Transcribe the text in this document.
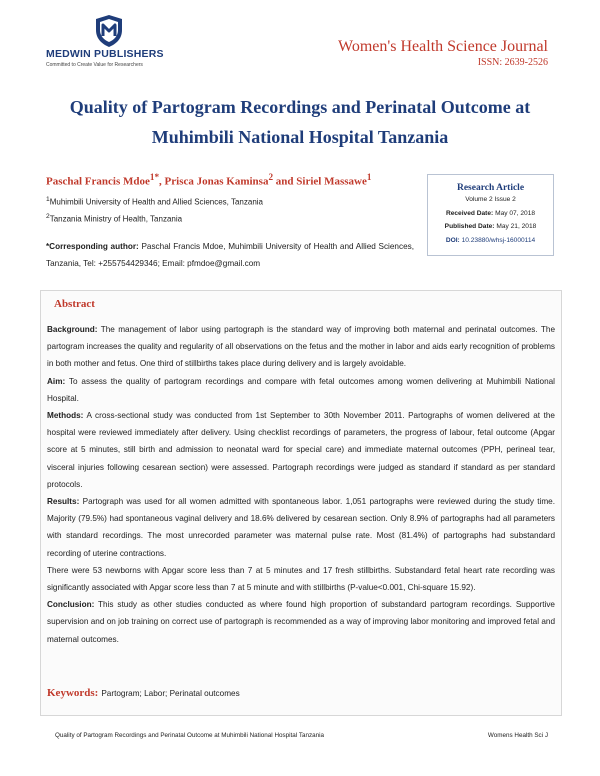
MEDWIN PUBLISHERS
Committed to Create Value for Researchers
Women's Health Science Journal
ISSN: 2639-2526
Quality of Partogram Recordings and Perinatal Outcome at Muhimbili National Hospital Tanzania
Paschal Francis Mdoe$^{1*}$, Prisca Jonas Kaminsa$^2$ and Siriel Massawe$^1$
$^1$Muhimbili University of Health and Allied Sciences, Tanzania
$^2$Tanzania Ministry of Health, Tanzania
*Corresponding author: Paschal Francis Mdoe, Muhimbili University of Health and Allied Sciences, Tanzania, Tel: +255754429346; Email: pfmdoe@gmail.com
Research Article
Volume 2 Issue 2
Received Date: May 07, 2018
Published Date: May 21, 2018
DOI: 10.23880/whsj-16000114
Abstract

Background: The management of labor using partograph is the standard way of improving both maternal and perinatal outcomes. The partogram increases the quality and regularity of all observations on the fetus and the mother in labor and aids early recognition of problems in both mother and fetus. One third of stillbirths takes place during delivery and is largely avoidable.

Aim: To assess the quality of partogram recordings and compare with fetal outcomes among women delivering at Muhimbili National Hospital.

Methods: A cross-sectional study was conducted from 1st September to 30th November 2011. Partographs of women delivered at the hospital were reviewed immediately after delivery. Using checklist recordings of parameters, the progress of labour, fetal outcome (Apgar score at 5 minutes, still birth and admission to neonatal ward for special care) and immediate maternal outcomes (PPH, perineal tear, visceral injuries following cesarean section) were assessed. Partograph recordings were judged as standard if standard as per standard protocols.

Results: Partograph was used for all women admitted with spontaneous labor. 1,051 partographs were reviewed during the study time. Majority (79.5%) had spontaneous vaginal delivery and 18.6% delivered by cesarean section. Only 8.9% of partographs had all parameters with standard recordings. The most unrecorded parameter was maternal pulse rate. Most (81.4%) of partographs had substandard recording of uterine contractions.

There were 53 newborns with Apgar score less than 7 at 5 minutes and 17 fresh stillbirths. Substandard fetal heart rate recording was significantly associated with Apgar score less than 7 at 5 minute and with stillbirths (P-value<0.001, Chi-square 15.92).

Conclusion: This study as other studies conducted as where found high proportion of substandard partogram recordings. Supportive supervision and on job training on correct use of partograph is recommended as a way of improving labor monitoring and improved fetal and maternal outcomes.

Keywords: Partogram; Labor; Perinatal outcomes
Quality of Partogram Recordings and Perinatal Outcome at Muhimbili National Hospital Tanzania	Womens Health Sci J
